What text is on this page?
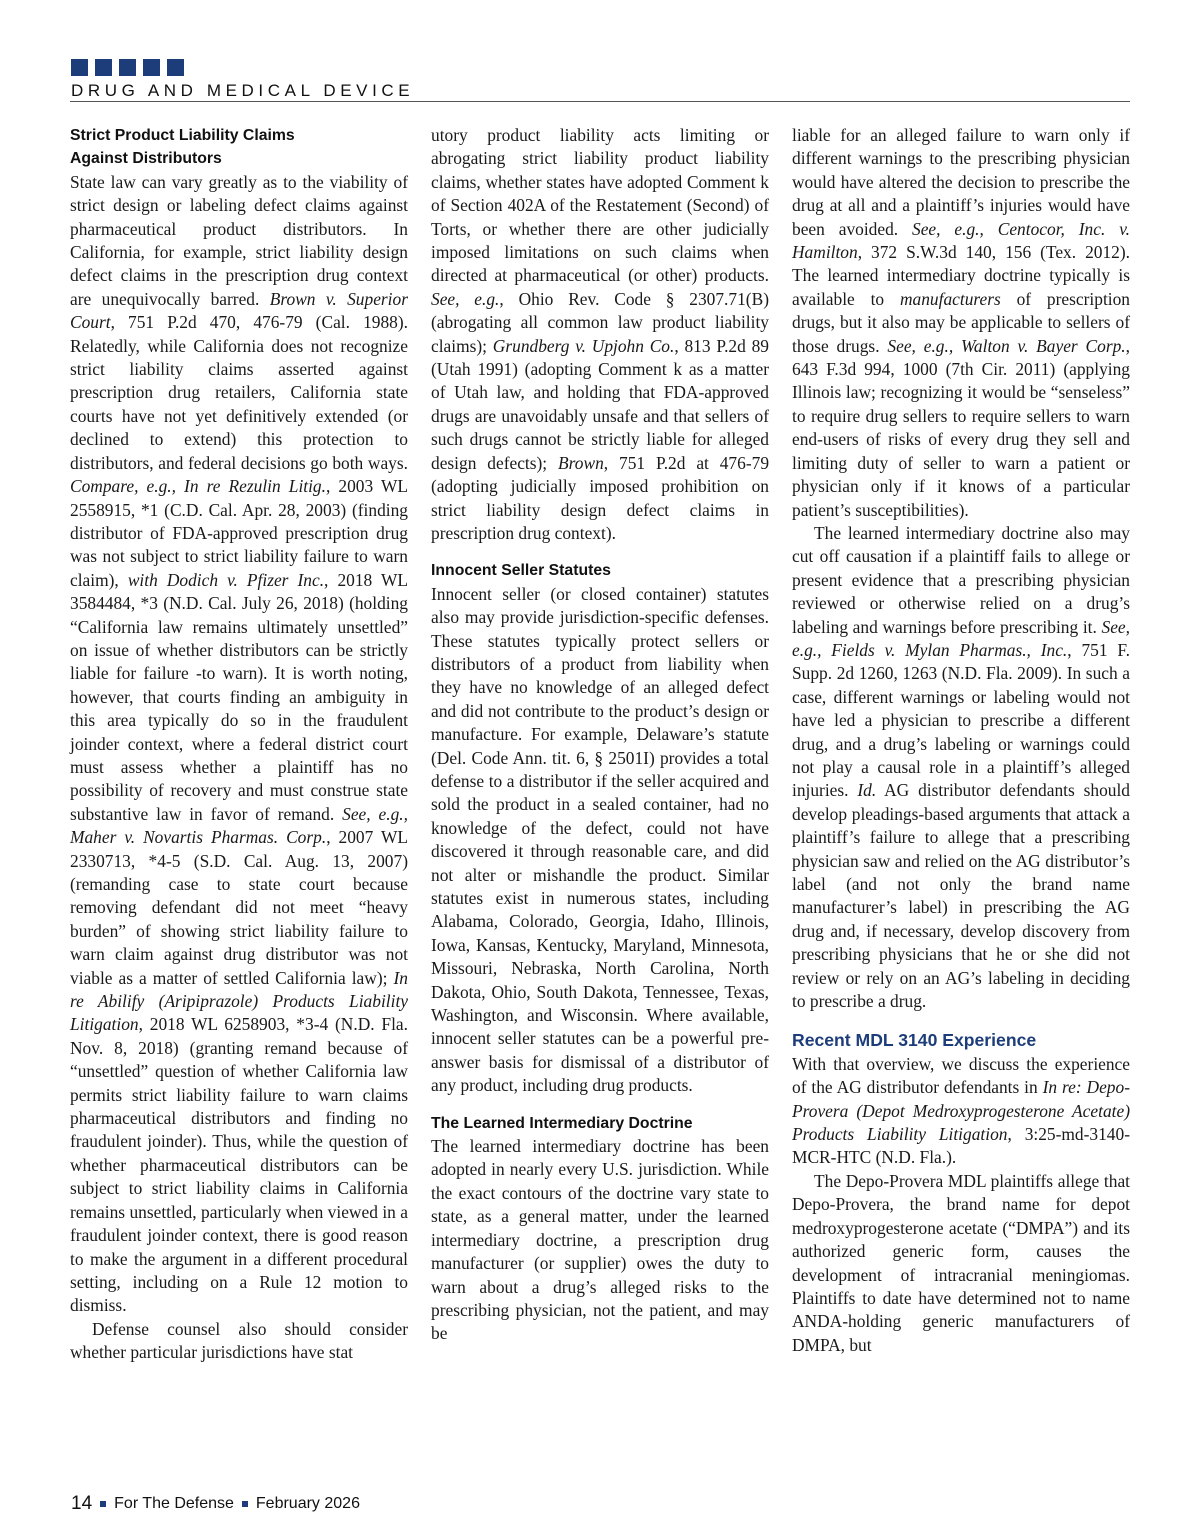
DRUG AND MEDICAL DEVICE
Strict Product Liability Claims
Against Distributors

State law can vary greatly as to the viability of strict design or labeling defect claims against pharmaceutical product distributors. In California, for example, strict liability design defect claims in the prescription drug context are unequivocally barred. Brown v. Superior Court, 751 P.2d 470, 476-79 (Cal. 1988). Relatedly, while California does not recognize strict liability claims asserted against prescription drug retailers, California state courts have not yet definitively extended (or declined to extend) this protection to distributors, and federal decisions go both ways. Compare, e.g., In re Rezulin Litig., 2003 WL 2558915, *1 (C.D. Cal. Apr. 28, 2003) (finding distributor of FDA-approved prescription drug was not subject to strict liability failure to warn claim), with Dodich v. Pfizer Inc., 2018 WL 3584484, *3 (N.D. Cal. July 26, 2018) (holding “California law remains ultimately unsettled” on issue of whether distributors can be strictly liable for failure -to warn). It is worth noting, however, that courts finding an ambiguity in this area typically do so in the fraudulent joinder context, where a federal district court must assess whether a plaintiff has no possibility of recovery and must construe state substantive law in favor of remand. See, e.g., Maher v. Novartis Pharmas. Corp., 2007 WL 2330713, *4-5 (S.D. Cal. Aug. 13, 2007) (remanding case to state court because removing defendant did not meet “heavy burden” of showing strict liability failure to warn claim against drug distributor was not viable as a matter of settled California law); In re Abilify (Aripiprazole) Products Liability Litigation, 2018 WL 6258903, *3-4 (N.D. Fla. Nov. 8, 2018) (granting remand because of “unsettled” question of whether California law permits strict liability failure to warn claims pharmaceutical distributors and finding no fraudulent joinder). Thus, while the question of whether pharmaceutical distributors can be subject to strict liability claims in California remains unsettled, particularly when viewed in a fraudulent joinder context, there is good reason to make the argument in a different procedural setting, including on a Rule 12 motion to dismiss.

Defense counsel also should consider whether particular jurisdictions have stat

utory product liability acts limiting or abrogating strict liability product liability claims, whether states have adopted Comment k of Section 402A of the Restatement (Second) of Torts, or whether there are other judicially imposed limitations on such claims when directed at pharmaceutical (or other) products. See, e.g., Ohio Rev. Code § 2307.71(B) (abrogating all common law product liability claims); Grundberg v. Upjohn Co., 813 P.2d 89 (Utah 1991) (adopting Comment k as a matter of Utah law, and holding that FDA-approved drugs are unavoidably unsafe and that sellers of such drugs cannot be strictly liable for alleged design defects); Brown, 751 P.2d at 476-79 (adopting judicially imposed prohibition on strict liability design defect claims in prescription drug context).

Innocent Seller Statutes

Innocent seller (or closed container) statutes also may provide jurisdiction-specific defenses. These statutes typically protect sellers or distributors of a product from liability when they have no knowledge of an alleged defect and did not contribute to the product’s design or manufacture. For example, Delaware’s statute (Del. Code Ann. tit. 6, § 2501I) provides a total defense to a distributor if the seller acquired and sold the product in a sealed container, had no knowledge of the defect, could not have discovered it through reasonable care, and did not alter or mishandle the product. Similar statutes exist in numerous states, including Alabama, Colorado, Georgia, Idaho, Illinois, Iowa, Kansas, Kentucky, Maryland, Minnesota, Missouri, Nebraska, North Carolina, North Dakota, Ohio, South Dakota, Tennessee, Texas, Washington, and Wisconsin. Where available, innocent seller statutes can be a powerful pre-answer basis for dismissal of a distributor of any product, including drug products.

The Learned Intermediary Doctrine

The learned intermediary doctrine has been adopted in nearly every U.S. jurisdiction. While the exact contours of the doctrine vary state to state, as a general matter, under the learned intermediary doctrine, a prescription drug manufacturer (or supplier) owes the duty to warn about a drug’s alleged risks to the prescribing physician, not the patient, and may be

liable for an alleged failure to warn only if different warnings to the prescribing physician would have altered the decision to prescribe the drug at all and a plaintiff’s injuries would have been avoided. See, e.g., Centocor, Inc. v. Hamilton, 372 S.W.3d 140, 156 (Tex. 2012). The learned intermediary doctrine typically is available to manufacturers of prescription drugs, but it also may be applicable to sellers of those drugs. See, e.g., Walton v. Bayer Corp., 643 F.3d 994, 1000 (7th Cir. 2011) (applying Illinois law; recognizing it would be “senseless” to require drug sellers to require sellers to warn end-users of risks of every drug they sell and limiting duty of seller to warn a patient or physician only if it knows of a particular patient’s susceptibilities).

The learned intermediary doctrine also may cut off causation if a plaintiff fails to allege or present evidence that a prescribing physician reviewed or otherwise relied on a drug’s labeling and warnings before prescribing it. See, e.g., Fields v. Mylan Pharmas., Inc., 751 F. Supp. 2d 1260, 1263 (N.D. Fla. 2009). In such a case, different warnings or labeling would not have led a physician to prescribe a different drug, and a drug’s labeling or warnings could not play a causal role in a plaintiff’s alleged injuries. Id. AG distributor defendants should develop pleadings-based arguments that attack a plaintiff’s failure to allege that a prescribing physician saw and relied on the AG distributor’s label (and not only the brand name manufacturer’s label) in prescribing the AG drug and, if necessary, develop discovery from prescribing physicians that he or she did not review or rely on an AG’s labeling in deciding to prescribe a drug.

Recent MDL 3140 Experience

With that overview, we discuss the experience of the AG distributor defendants in In re: Depo-Provera (Depot Medroxyprogesterone Acetate) Products Liability Litigation, 3:25-md-3140-MCR-HTC (N.D. Fla.).

The Depo-Provera MDL plaintiffs allege that Depo-Provera, the brand name for depot medroxyprogesterone acetate (“DMPA”) and its authorized generic form, causes the development of intracranial meningiomas. Plaintiffs to date have determined not to name ANDA-holding generic manufacturers of DMPA, but

14 For The Defense February 2026
